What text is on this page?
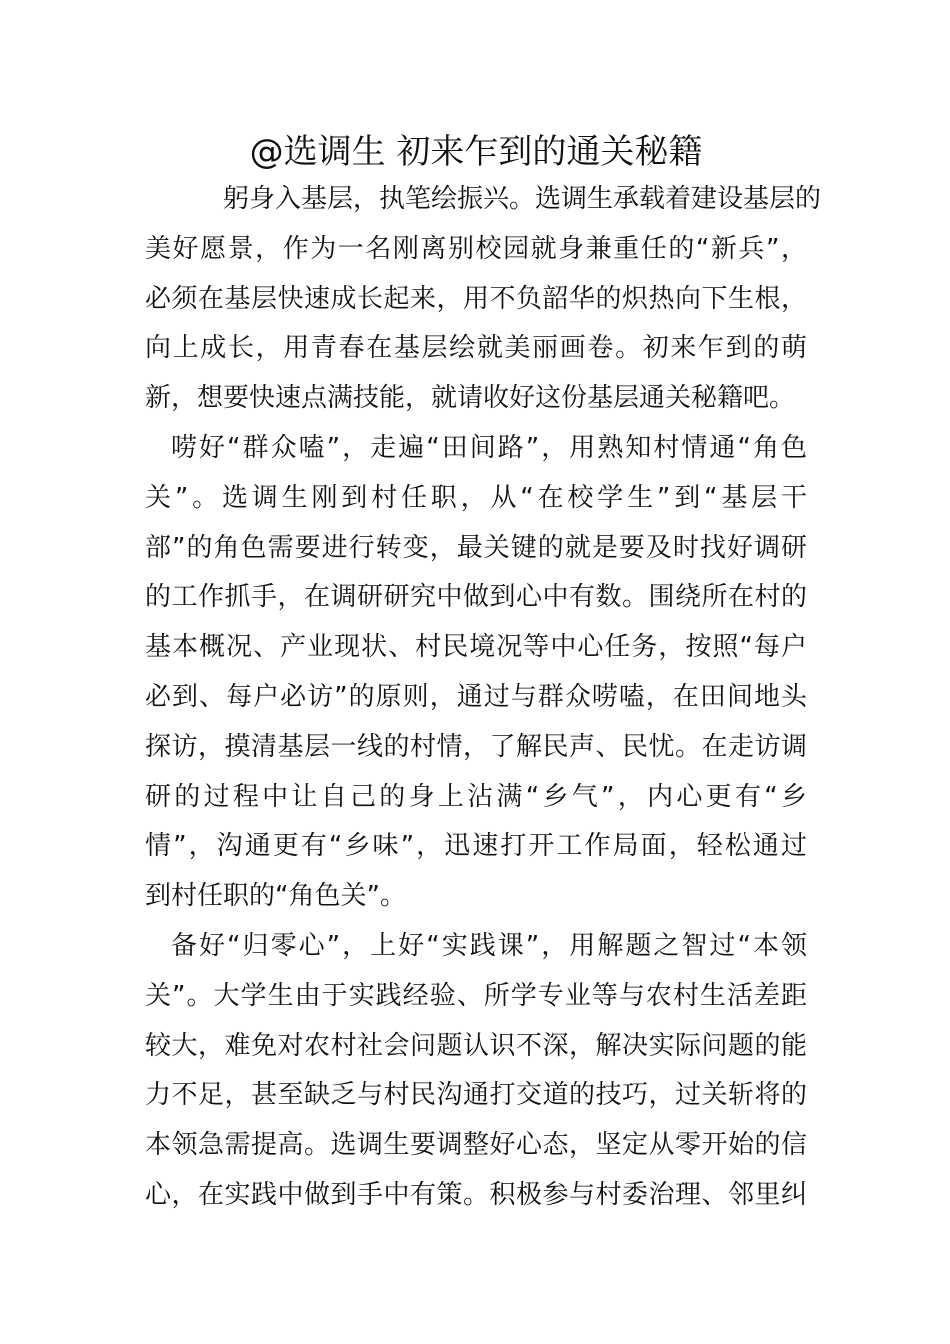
@选调生 初来乍到的通关秘籍
躬身入基层，执笔绘振兴。选调生承载着建设基层的
美好愿景，作为一名刚离别校园就身兼重任的“新兵”，
必须在基层快速成长起来，用不负韶华的炽热向下生根，
向上成长，用青春在基层绘就美丽画卷。初来乍到的萌
新，想要快速点满技能，就请收好这份基层通关秘籍吧。
唠好“群众嗑”，走遍“田间路”，用熟知村情通“角色
关”。选调生刚到村任职，从“在校学生”到“基层干
部”的角色需要进行转变，最关键的就是要及时找好调研
的工作抓手，在调研研究中做到心中有数。围绕所在村的
基本概况、产业现状、村民境况等中心任务，按照“每户
必到、每户必访”的原则，通过与群众唠嗑，在田间地头
探访，摸清基层一线的村情，了解民声、民忧。在走访调
研的过程中让自己的身上沾满“乡气”，内心更有“乡
情”，沟通更有“乡味”，迅速打开工作局面，轻松通过
到村任职的“角色关”。
备好“归零心”，上好“实践课”，用解题之智过“本领
关”。大学生由于实践经验、所学专业等与农村生活差距
较大，难免对农村社会问题认识不深，解决实际问题的能
力不足，甚至缺乏与村民沟通打交道的技巧，过关斩将的
本领急需提高。选调生要调整好心态，坚定从零开始的信
心，在实践中做到手中有策。积极参与村委治理、邻里纠
